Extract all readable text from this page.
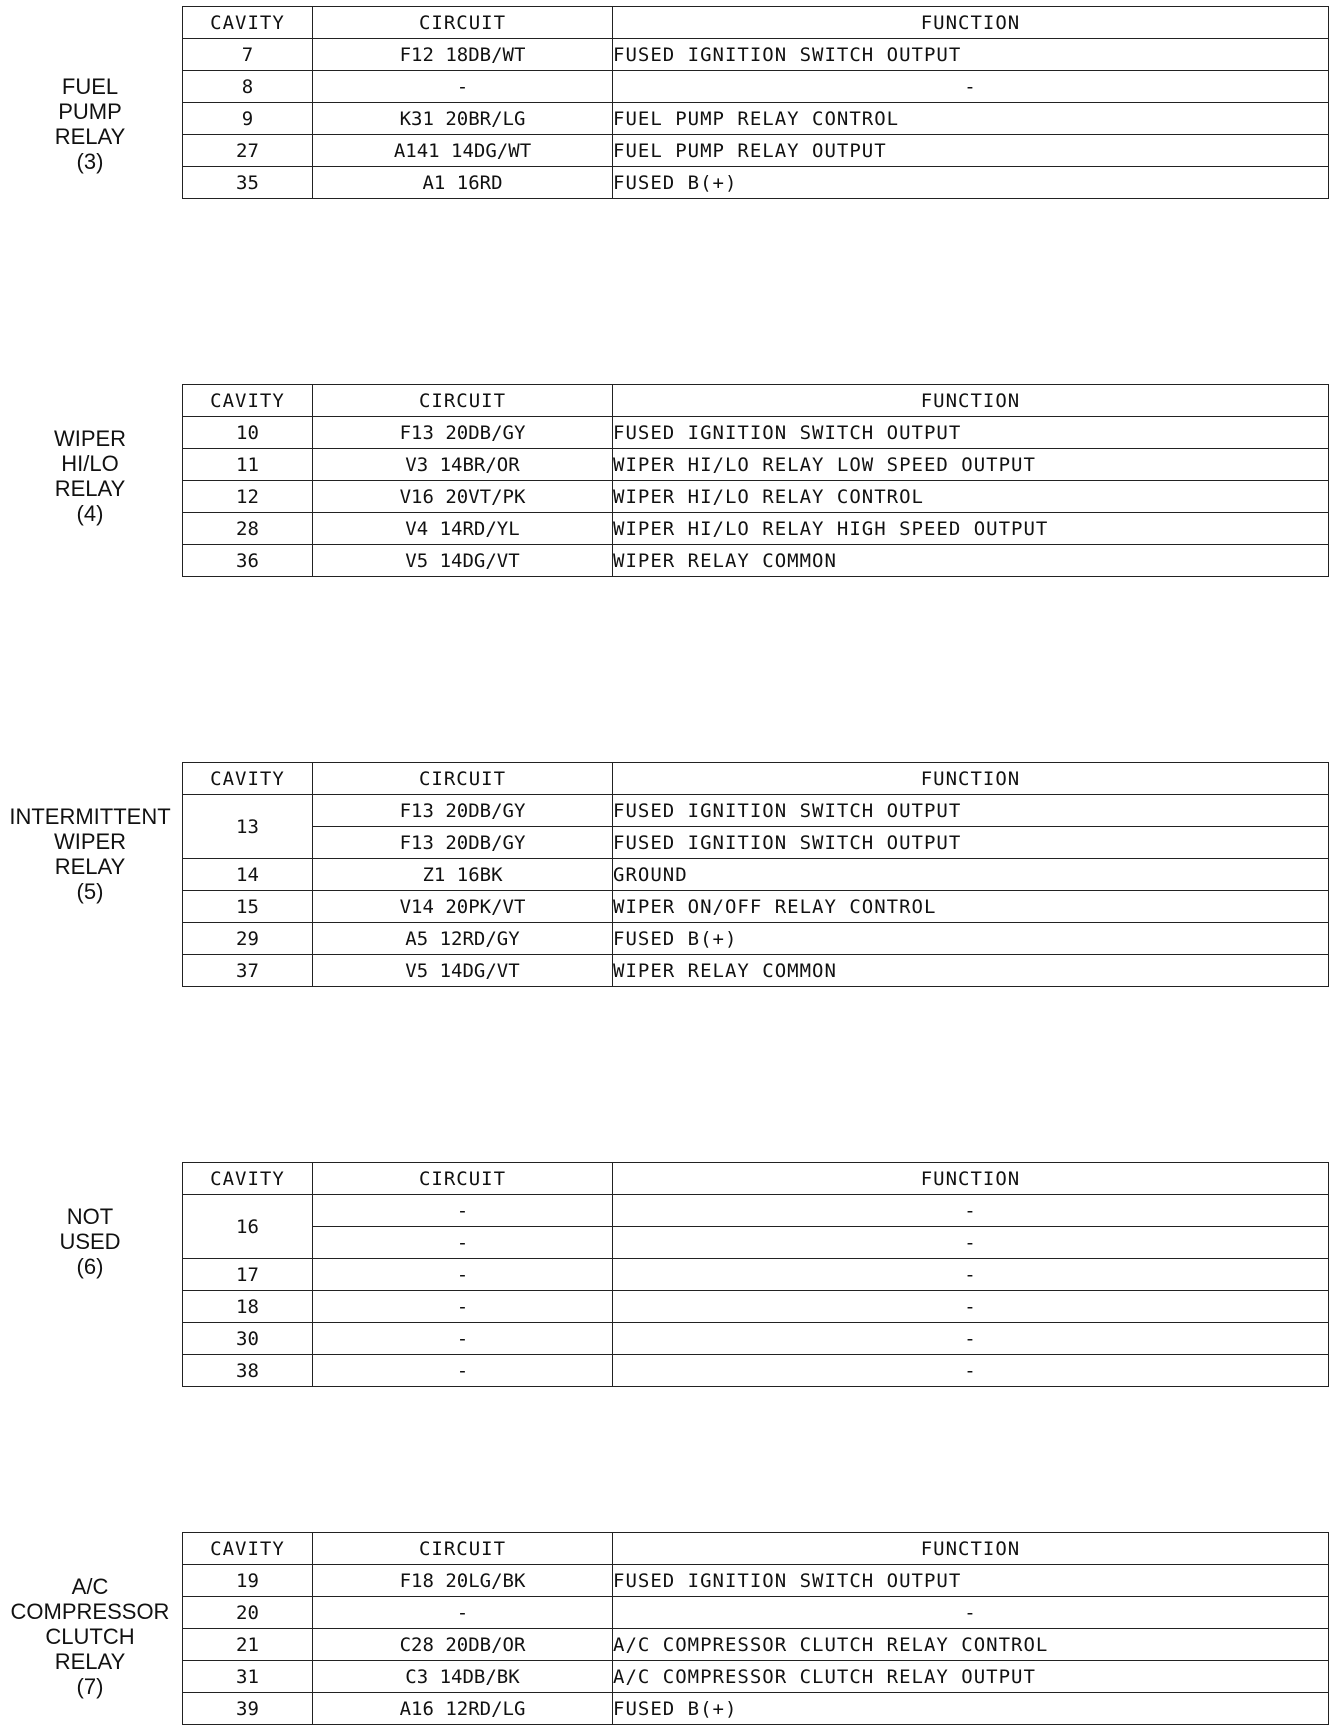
FUEL
PUMP
RELAY
(3)
CAVITY	CIRCUIT	FUNCTION
7	F12 18DB/WT	FUSED IGNITION SWITCH OUTPUT
8	-	-
9	K31 20BR/LG	FUEL PUMP RELAY CONTROL
27	A141 14DG/WT	FUEL PUMP RELAY OUTPUT
35	A1 16RD	FUSED B(+)
WIPER
HI/LO
RELAY
(4)
CAVITY	CIRCUIT	FUNCTION
10	F13 20DB/GY	FUSED IGNITION SWITCH OUTPUT
11	V3 14BR/OR	WIPER HI/LO RELAY LOW SPEED OUTPUT
12	V16 20VT/PK	WIPER HI/LO RELAY CONTROL
28	V4 14RD/YL	WIPER HI/LO RELAY HIGH SPEED OUTPUT
36	V5 14DG/VT	WIPER RELAY COMMON
INTERMITTENT
WIPER
RELAY
(5)
CAVITY	CIRCUIT	FUNCTION
13	F13 20DB/GY	FUSED IGNITION SWITCH OUTPUT
	F13 20DB/GY	FUSED IGNITION SWITCH OUTPUT
14	Z1 16BK	GROUND
15	V14 20PK/VT	WIPER ON/OFF RELAY CONTROL
29	A5 12RD/GY	FUSED B(+)
37	V5 14DG/VT	WIPER RELAY COMMON
NOT
USED
(6)
CAVITY	CIRCUIT	FUNCTION
16	-	-
	-	-
17	-	-
18	-	-
30	-	-
38	-	-
A/C
COMPRESSOR
CLUTCH
RELAY
(7)
CAVITY	CIRCUIT	FUNCTION
19	F18 20LG/BK	FUSED IGNITION SWITCH OUTPUT
20	-	-
21	C28 20DB/OR	A/C COMPRESSOR CLUTCH RELAY CONTROL
31	C3 14DB/BK	A/C COMPRESSOR CLUTCH RELAY OUTPUT
39	A16 12RD/LG	FUSED B(+)
